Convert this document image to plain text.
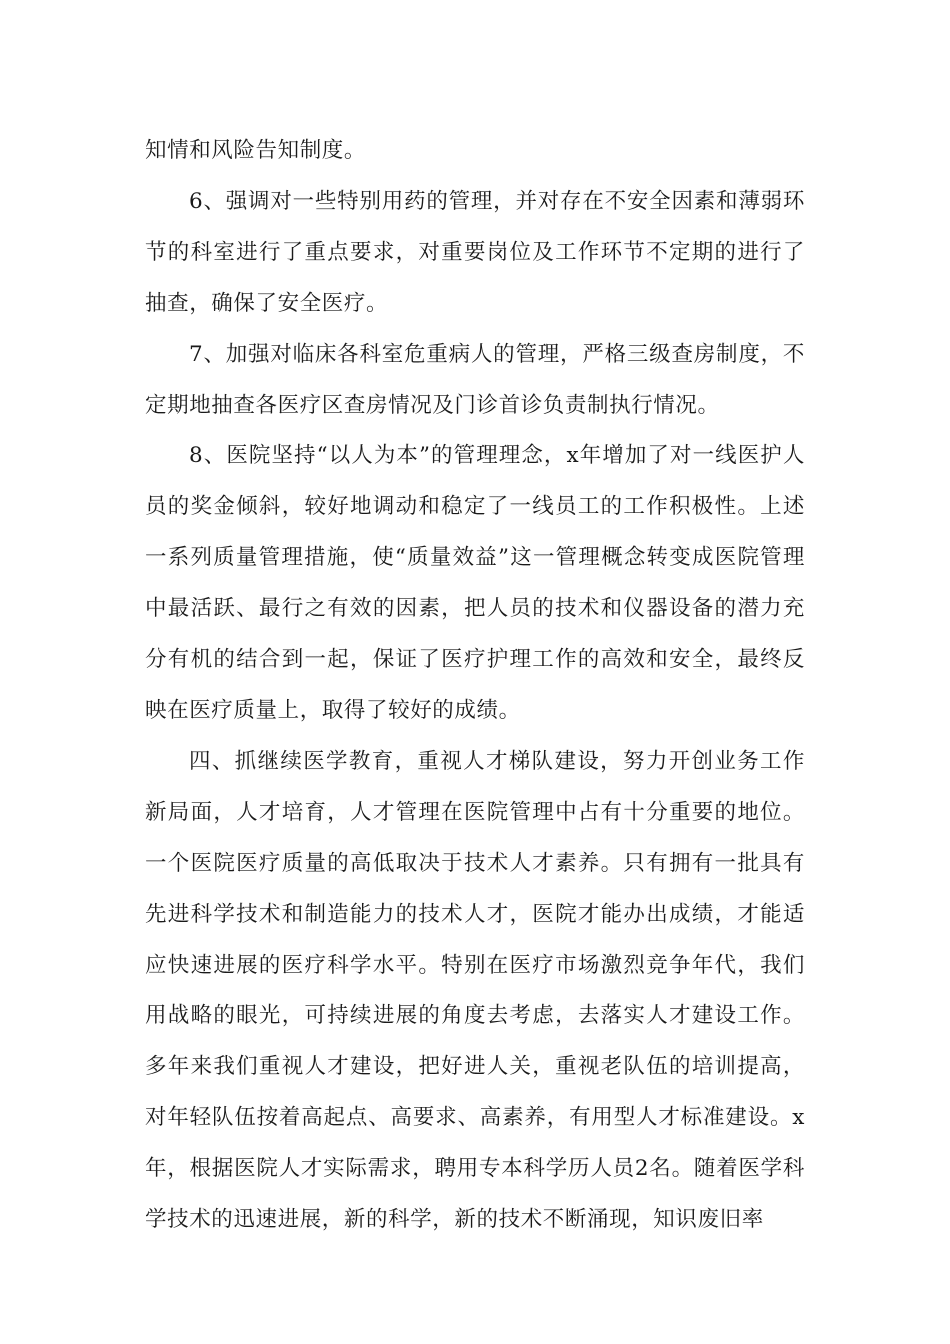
知情和风险告知制度。

6、强调对一些特别用药的管理，并对存在不安全因素和薄弱环节的科室进行了重点要求，对重要岗位及工作环节不定期的进行了抽查，确保了安全医疗。

7、加强对临床各科室危重病人的管理，严格三级查房制度，不定期地抽查各医疗区查房情况及门诊首诊负责制执行情况。

8、医院坚持“以人为本”的管理理念，x年增加了对一线医护人员的奖金倾斜，较好地调动和稳定了一线员工的工作积极性。上述一系列质量管理措施，使“质量效益”这一管理概念转变成医院管理中最活跃、最行之有效的因素，把人员的技术和仪器设备的潜力充分有机的结合到一起，保证了医疗护理工作的高效和安全，最终反映在医疗质量上，取得了较好的成绩。

四、抓继续医学教育，重视人才梯队建设，努力开创业务工作新局面，人才培育，人才管理在医院管理中占有十分重要的地位。一个医院医疗质量的高低取决于技术人才素养。只有拥有一批具有先进科学技术和制造能力的技术人才，医院才能办出成绩，才能适应快速进展的医疗科学水平。特别在医疗市场激烈竞争年代，我们用战略的眼光，可持续进展的角度去考虑，去落实人才建设工作。多年来我们重视人才建设，把好进人关，重视老队伍的培训提高，对年轻队伍按着高起点、高要求、高素养，有用型人才标准建设。x年，根据医院人才实际需求，聘用专本科学历人员2名。随着医学科学技术的迅速进展，新的科学，新的技术不断涌现，知识废旧率
